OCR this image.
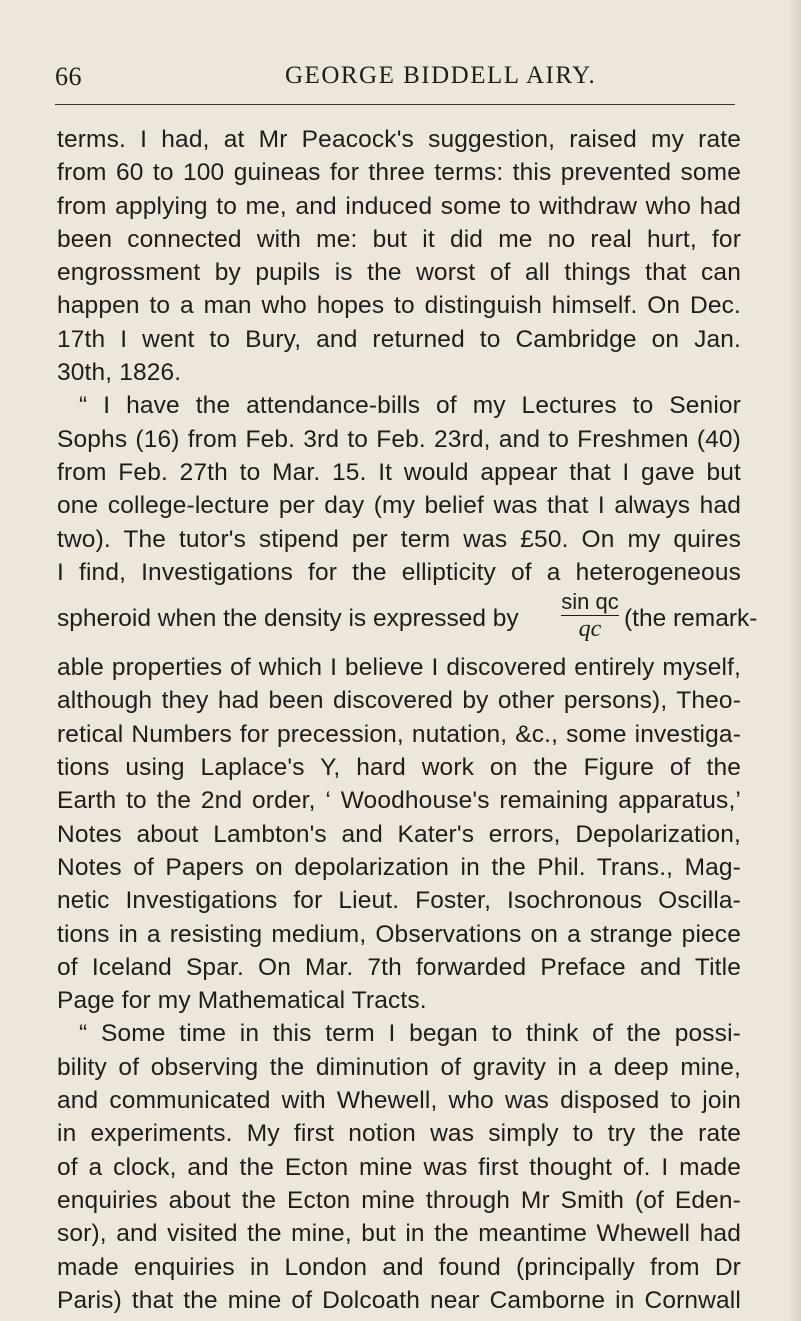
66	GEORGE BIDDELL AIRY.
terms. I had, at Mr Peacock's suggestion, raised my rate
from 60 to 100 guineas for three terms: this prevented some
from applying to me, and induced some to withdraw who had
been connected with me: but it did me no real hurt, for
engrossment by pupils is the worst of all things that can
happen to a man who hopes to distinguish himself. On Dec.
17th I went to Bury, and returned to Cambridge on Jan.
30th, 1826.
“ I have the attendance-bills of my Lectures to Senior
Sophs (16) from Feb. 3rd to Feb. 23rd, and to Freshmen (40)
from Feb. 27th to Mar. 15. It would appear that I gave but
one college-lecture per day (my belief was that I always had
two). The tutor's stipend per term was £50. On my quires
I find, Investigations for the ellipticity of a heterogeneous
spheroid when the density is expressed by
sin qc
qc (the remark-
able properties of which I believe I discovered entirely myself,
although they had been discovered by other persons), Theo-
retical Numbers for precession, nutation, &c., some investiga-
tions using Laplace's Y, hard work on the Figure of the
Earth to the 2nd order, ‘ Woodhouse's remaining apparatus,’
Notes about Lambton's and Kater's errors, Depolarization,
Notes of Papers on depolarization in the Phil. Trans., Mag-
netic Investigations for Lieut. Foster, Isochronous Oscilla-
tions in a resisting medium, Observations on a strange piece
of Iceland Spar. On Mar. 7th forwarded Preface and Title
Page for my Mathematical Tracts.
“ Some time in this term I began to think of the possi-
bility of observing the diminution of gravity in a deep mine,
and communicated with Whewell, who was disposed to join
in experiments. My first notion was simply to try the rate
of a clock, and the Ecton mine was first thought of. I made
enquiries about the Ecton mine through Mr Smith (of Eden-
sor), and visited the mine, but in the meantime Whewell had
made enquiries in London and found (principally from Dr
Paris) that the mine of Dolcoath near Camborne in Cornwall
